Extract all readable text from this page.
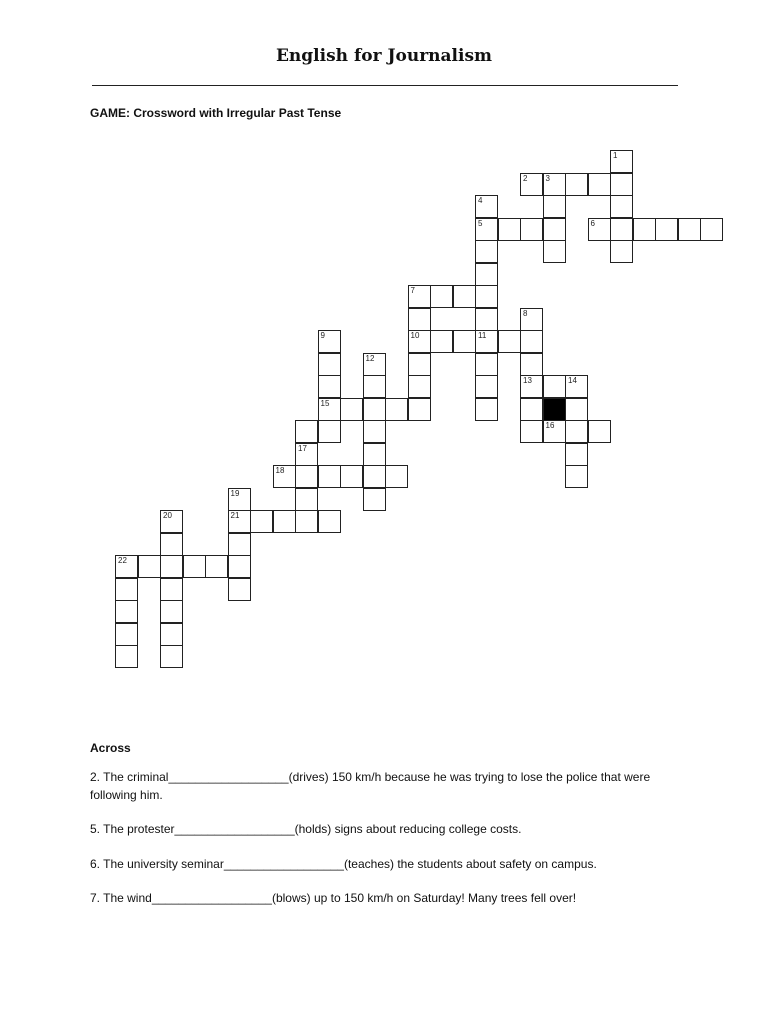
English for Journalism
GAME: Crossword with Irregular Past Tense
1
2 3
4
5	6
7
10
8
13
11
9
15
12
14
16
17
18
19
21
20
22
Across
2. The criminal__________________(drives) 150 km/h because he was trying to lose the police that were following him.
5. The protester__________________(holds) signs about reducing college costs.
6. The university seminar__________________(teaches) the students about safety on campus.
7. The wind__________________(blows) up to 150 km/h on Saturday! Many trees fell over!
